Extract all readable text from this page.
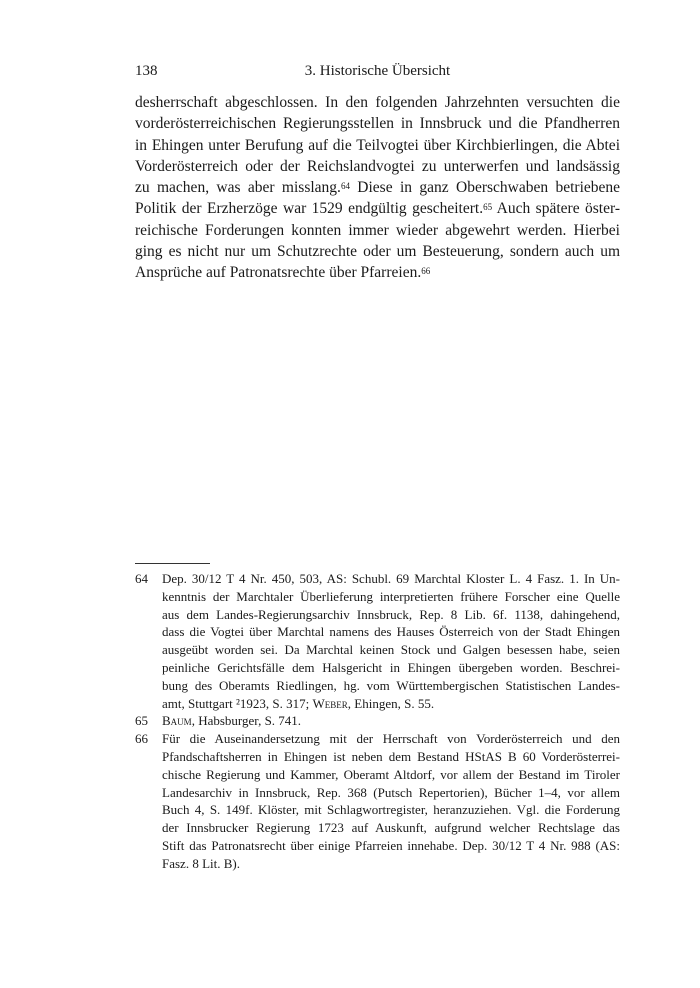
138	3. Historische Übersicht
desherrschaft abgeschlossen. In den folgenden Jahrzehnten versuchten die
vorderösterreichischen Regierungsstellen in Innsbruck und die Pfandherren
in Ehingen unter Berufung auf die Teilvogtei über Kirchbierlingen, die Abtei
Vorderösterreich oder der Reichslandvogtei zu unterwerfen und landsässig
zu machen, was aber misslang.$^{64}$ Diese in ganz Oberschwaben betriebene
Politik der Erzherzöge war 1529 endgültig gescheitert.$^{65}$ Auch spätere öster-
reichische Forderungen konnten immer wieder abgewehrt werden. Hierbei
ging es nicht nur um Schutzrechte oder um Besteuerung, sondern auch um
Ansprüche auf Patronatsrechte über Pfarreien.$^{66}$
64 Dep. 30/12 T 4 Nr. 450, 503, AS: Schubl. 69 Marchtal Kloster L. 4 Fasz. 1. In Un-
kenntnis der Marchtaler Überlieferung interpretierten frühere Forscher eine Quelle
aus dem Landes-Regierungsarchiv Innsbruck, Rep. 8 Lib. 6f. 1138, dahingehend,
dass die Vogtei über Marchtal namens des Hauses Österreich von der Stadt Ehingen
ausgeübt worden sei. Da Marchtal keinen Stock und Galgen besessen habe, seien
peinliche Gerichtsfälle dem Halsgericht in Ehingen übergeben worden. Beschrei-
bung des Oberamts Riedlingen, hg. vom Württembergischen Statistischen Landes-
amt, Stuttgart ²1923, S. 317; Weber, Ehingen, S. 55.
65 Baum, Habsburger, S. 741.
66 Für die Auseinandersetzung mit der Herrschaft von Vorderösterreich und den
Pfandschaftsherren in Ehingen ist neben dem Bestand HStAS B 60 Vorderösterrei-
chische Regierung und Kammer, Oberamt Altdorf, vor allem der Bestand im Tiroler
Landesarchiv in Innsbruck, Rep. 368 (Putsch Repertorien), Bücher 1–4, vor allem
Buch 4, S. 149f. Klöster, mit Schlagwortregister, heranzuziehen. Vgl. die Forderung
der Innsbrucker Regierung 1723 auf Auskunft, aufgrund welcher Rechtslage das
Stift das Patronatsrecht über einige Pfarreien innehabe. Dep. 30/12 T 4 Nr. 988 (AS:
Fasz. 8 Lit. B).
